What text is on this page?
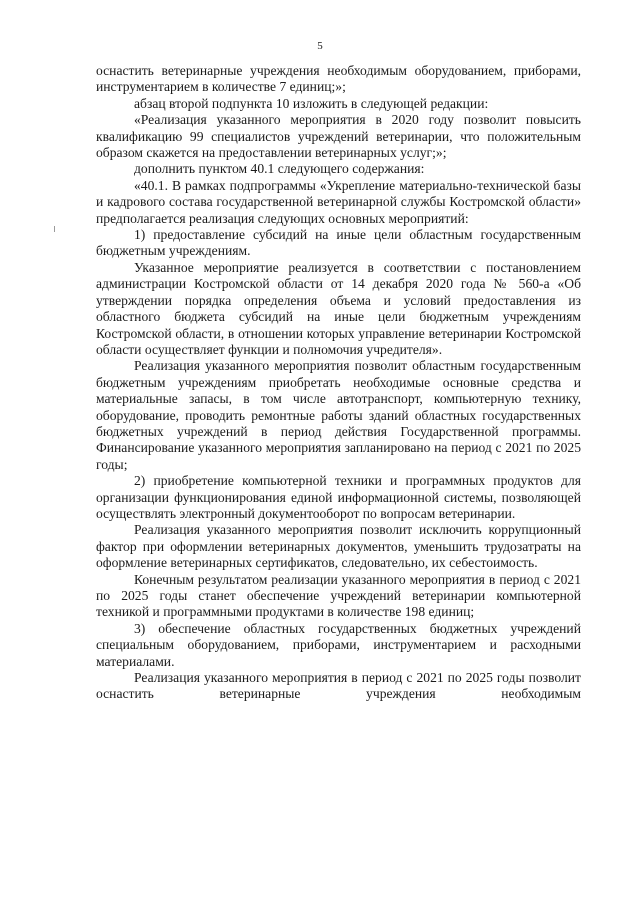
5

оснастить ветеринарные учреждения необходимым оборудованием, приборами, инструментарием в количестве 7 единиц;»;

абзац второй подпункта 10 изложить в следующей редакции:

«Реализация указанного мероприятия в 2020 году позволит повысить квалификацию 99 специалистов учреждений ветеринарии, что положительным образом скажется на предоставлении ветеринарных услуг;»;

дополнить пунктом 40.1 следующего содержания:

«40.1. В рамках подпрограммы «Укрепление материально-технической базы и кадрового состава государственной ветеринарной службы Костромской области» предполагается реализация следующих основных мероприятий:

1) предоставление субсидий на иные цели областным государственным бюджетным учреждениям.

Указанное мероприятие реализуется в соответствии с постановлением администрации Костромской области от 14 декабря 2020 года № 560-а «Об утверждении порядка определения объема и условий предоставления из областного бюджета субсидий на иные цели бюджетным учреждениям Костромской области, в отношении которых управление ветеринарии Костромской области осуществляет функции и полномочия учредителя».

Реализация указанного мероприятия позволит областным государственным бюджетным учреждениям приобретать необходимые основные средства и материальные запасы, в том числе автотранспорт, компьютерную технику, оборудование, проводить ремонтные работы зданий областных государственных бюджетных учреждений в период действия Государственной программы. Финансирование указанного мероприятия запланировано на период с 2021 по 2025 годы;

2) приобретение компьютерной техники и программных продуктов для организации функционирования единой информационной системы, позволяющей осуществлять электронный документооборот по вопросам ветеринарии.

Реализация указанного мероприятия позволит исключить коррупционный фактор при оформлении ветеринарных документов, уменьшить трудозатраты на оформление ветеринарных сертификатов, следовательно, их себестоимость.

Конечным результатом реализации указанного мероприятия в период с 2021 по 2025 годы станет обеспечение учреждений ветеринарии компьютерной техникой и программными продуктами в количестве 198 единиц;

3) обеспечение областных государственных бюджетных учреждений специальным оборудованием, приборами, инструментарием и расходными материалами.

Реализация указанного мероприятия в период с 2021 по 2025 годы позволит оснастить ветеринарные учреждения необходимым
